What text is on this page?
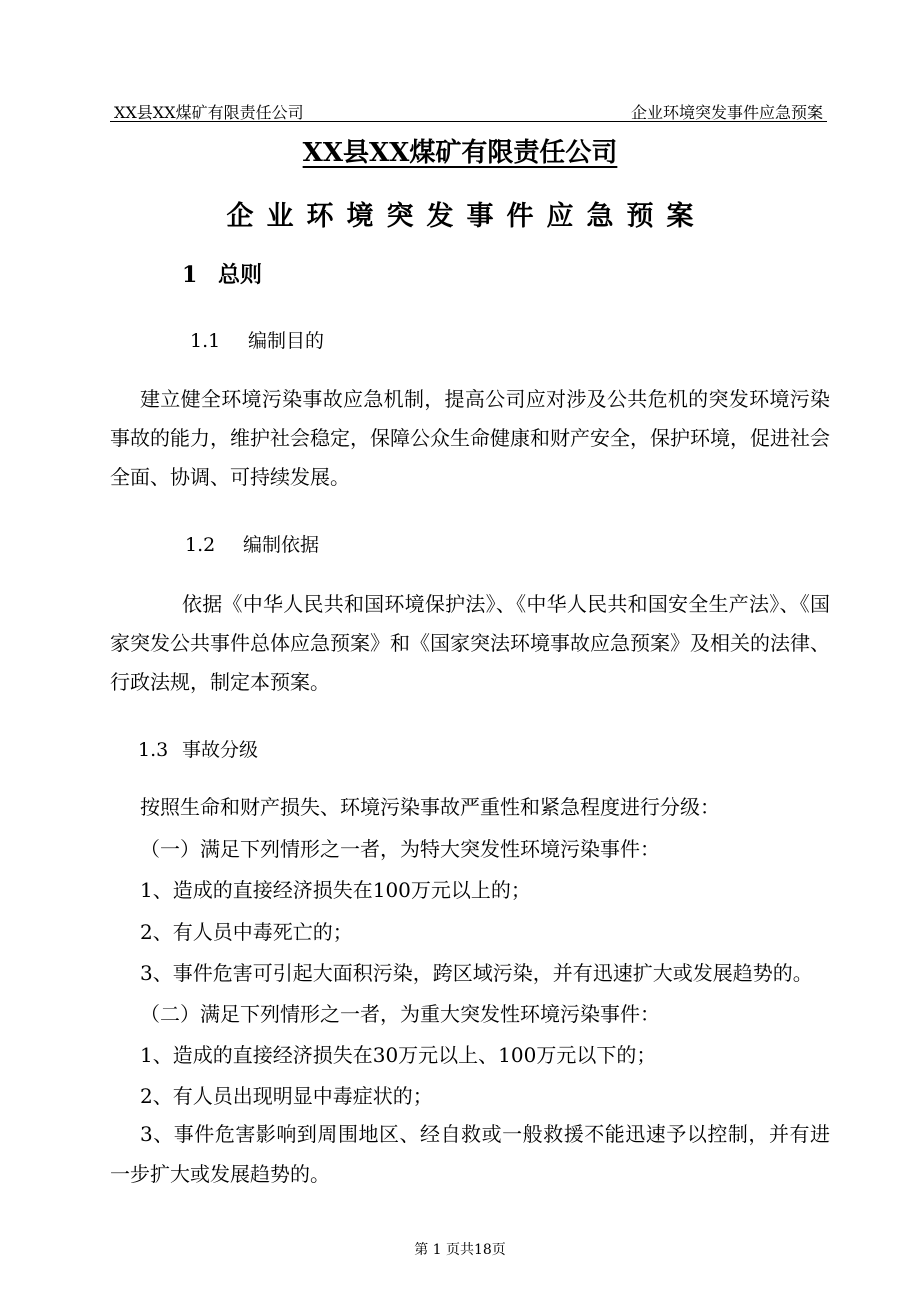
XX县XX煤矿有限责任公司	企业环境突发事件应急预案
XX县XX煤矿有限责任公司
企业环境突发事件应急预案
1 总则
1.1 编制目的
建立健全环境污染事故应急机制，提高公司应对涉及公共危机的突发环境污染事故的能力，维护社会稳定，保障公众生命健康和财产安全，保护环境，促进社会全面、协调、可持续发展。
1.2 编制依据
依据《中华人民共和国环境保护法》、《中华人民共和国安全生产法》、《国家突发公共事件总体应急预案》和《国家突法环境事故应急预案》及相关的法律、行政法规，制定本预案。
1.3 事故分级
按照生命和财产损失、环境污染事故严重性和紧急程度进行分级：
（一）满足下列情形之一者，为特大突发性环境污染事件：
1、造成的直接经济损失在100万元以上的；
2、有人员中毒死亡的；
3、事件危害可引起大面积污染，跨区域污染，并有迅速扩大或发展趋势的。
（二）满足下列情形之一者，为重大突发性环境污染事件：
1、造成的直接经济损失在30万元以上、100万元以下的；
2、有人员出现明显中毒症状的；
3、事件危害影响到周围地区、经自救或一般救援不能迅速予以控制，并有进一步扩大或发展趋势的。
第 1 页共18页
